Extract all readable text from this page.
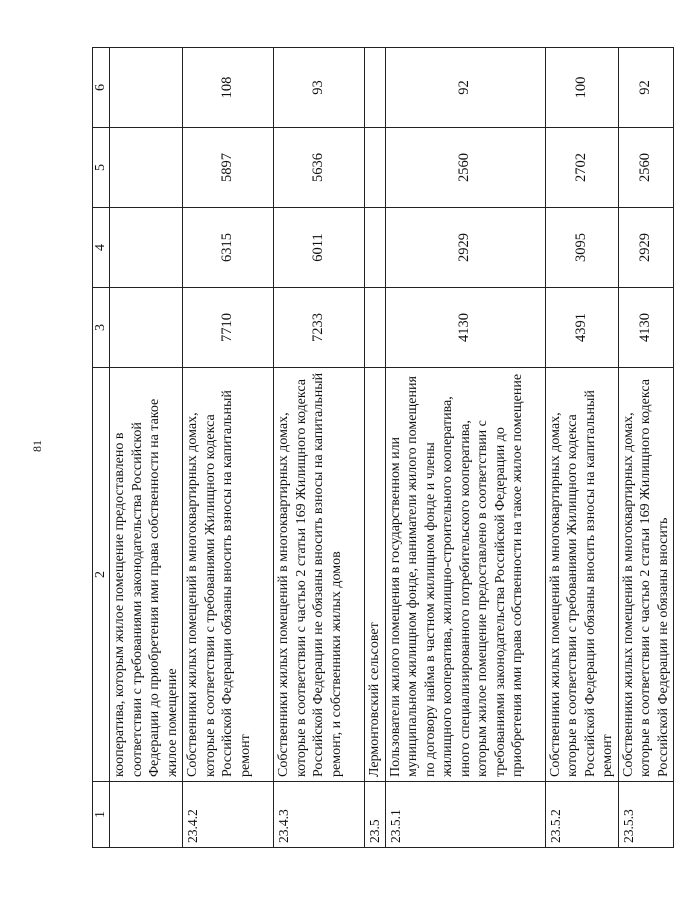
81
1	2	3	4	5	6

	кооператива, которым жилое помещение предоставлено в соответствии с требованиями законодательства Российской Федерации до приобретения ими права собственности на такое жилое помещение				

23.4.2	Собственники жилых помещений в многоквартирных домах, которые в соответствии с требованиями Жилищного кодекса Российской Федерации обязаны вносить взносы на капитальный ремонт	7710	6315	5897	108
23.4.3	Собственники жилых помещений в многоквартирных домах, которые в соответствии с частью 2 статьи 169 Жилищного кодекса Российской Федерации не обязаны вносить взносы на капитальный ремонт, и собственники жилых домов	7233	6011	5636	93
23.5	Лермонтовский сельсовет				

23.5.1	Пользователи жилого помещения в государственном или муниципальном жилищном фонде, наниматели жилого помещения по договору найма в частном жилищном фонде и члены жилищного кооператива, жилищно-строительного кооператива, иного специализированного потребительского кооператива, которым жилое помещение предоставлено в соответствии с требованиями законодательства Российской Федерации до приобретения ими права собственности на такое жилое помещение	4130	2929	2560	92
23.5.2	Собственники жилых помещений в многоквартирных домах, которые в соответствии с требованиями Жилищного кодекса Российской Федерации обязаны вносить взносы на капитальный ремонт	4391	3095	2702	100
23.5.3	Собственники жилых помещений в многоквартирных домах, которые в соответствии с частью 2 статьи 169 Жилищного кодекса Российской Федерации не обязаны вносить	4130	2929	2560	92
